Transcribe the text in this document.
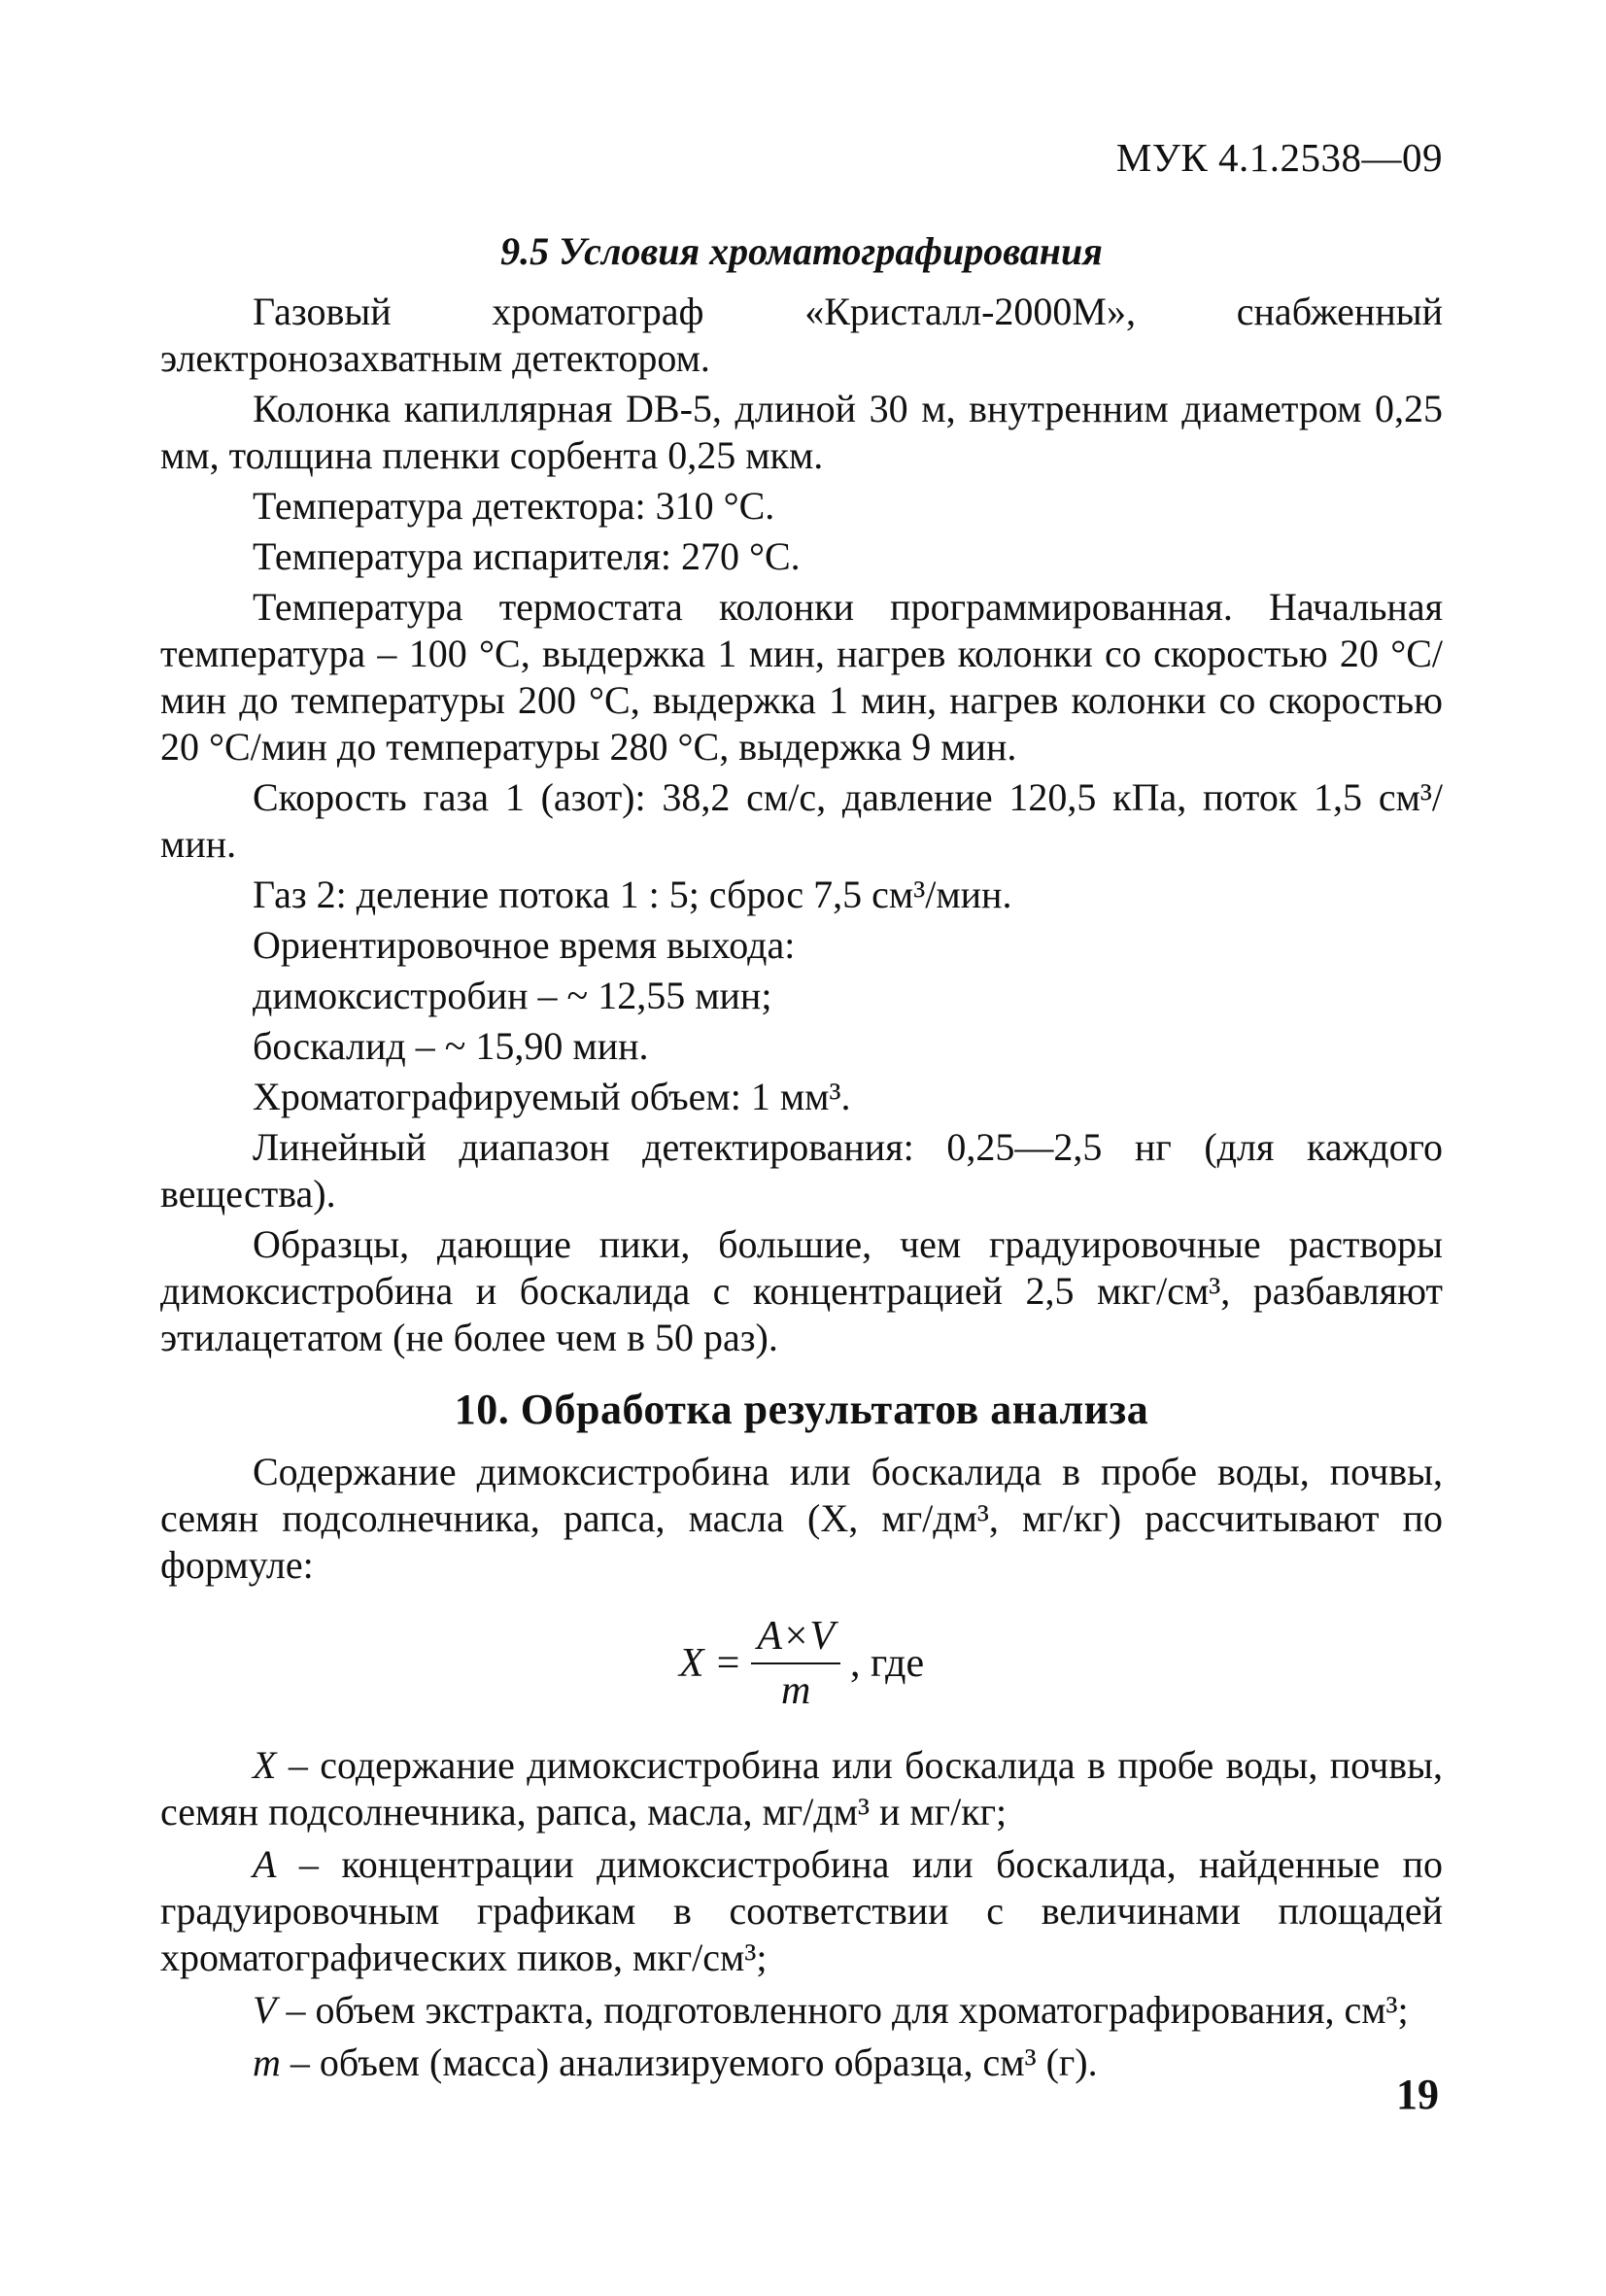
МУК 4.1.2538—09
9.5 Условия хроматографирования

Газовый хроматограф «Кристалл-2000М», снабженный электронозахватным детектором.

Колонка капиллярная DB-5, длиной 30 м, внутренним диаметром 0,25 мм, толщина пленки сорбента 0,25 мкм.

Температура детектора: 310 °С.

Температура испарителя: 270 °С.

Температура термостата колонки программированная. Начальная температура – 100 °С, выдержка 1 мин, нагрев колонки со скоростью 20 °С/мин до температуры 200 °С, выдержка 1 мин, нагрев колонки со скоростью 20 °С/мин до температуры 280 °С, выдержка 9 мин.

Скорость газа 1 (азот): 38,2 см/с, давление 120,5 кПа, поток 1,5 см³/мин.

Газ 2: деление потока 1 : 5; сброс 7,5 см³/мин.

Ориентировочное время выхода:

димоксистробин – ~ 12,55 мин;

боскалид – ~ 15,90 мин.

Хроматографируемый объем: 1 мм³.

Линейный диапазон детектирования: 0,25—2,5 нг (для каждого вещества).

Образцы, дающие пики, большие, чем градуировочные растворы димоксистробина и боскалида с концентрацией 2,5 мкг/см³, разбавляют этилацетатом (не более чем в 50 раз).

10. Обработка результатов анализа

Содержание димоксистробина или боскалида в пробе воды, почвы, семян подсолнечника, рапса, масла (X, мг/дм³, мг/кг) рассчитывают по формуле:

$X = \frac{A\times V}{m}$ , где

X – содержание димоксистробина или боскалида в пробе воды, почвы, семян подсолнечника, рапса, масла, мг/дм³ и мг/кг;

A – концентрации димоксистробина или боскалида, найденные по градуировочным графикам в соответствии с величинами площадей хроматографических пиков, мкг/см³;

V – объем экстракта, подготовленного для хроматографирования, см³;

m – объем (масса) анализируемого образца, см³ (г).

19
